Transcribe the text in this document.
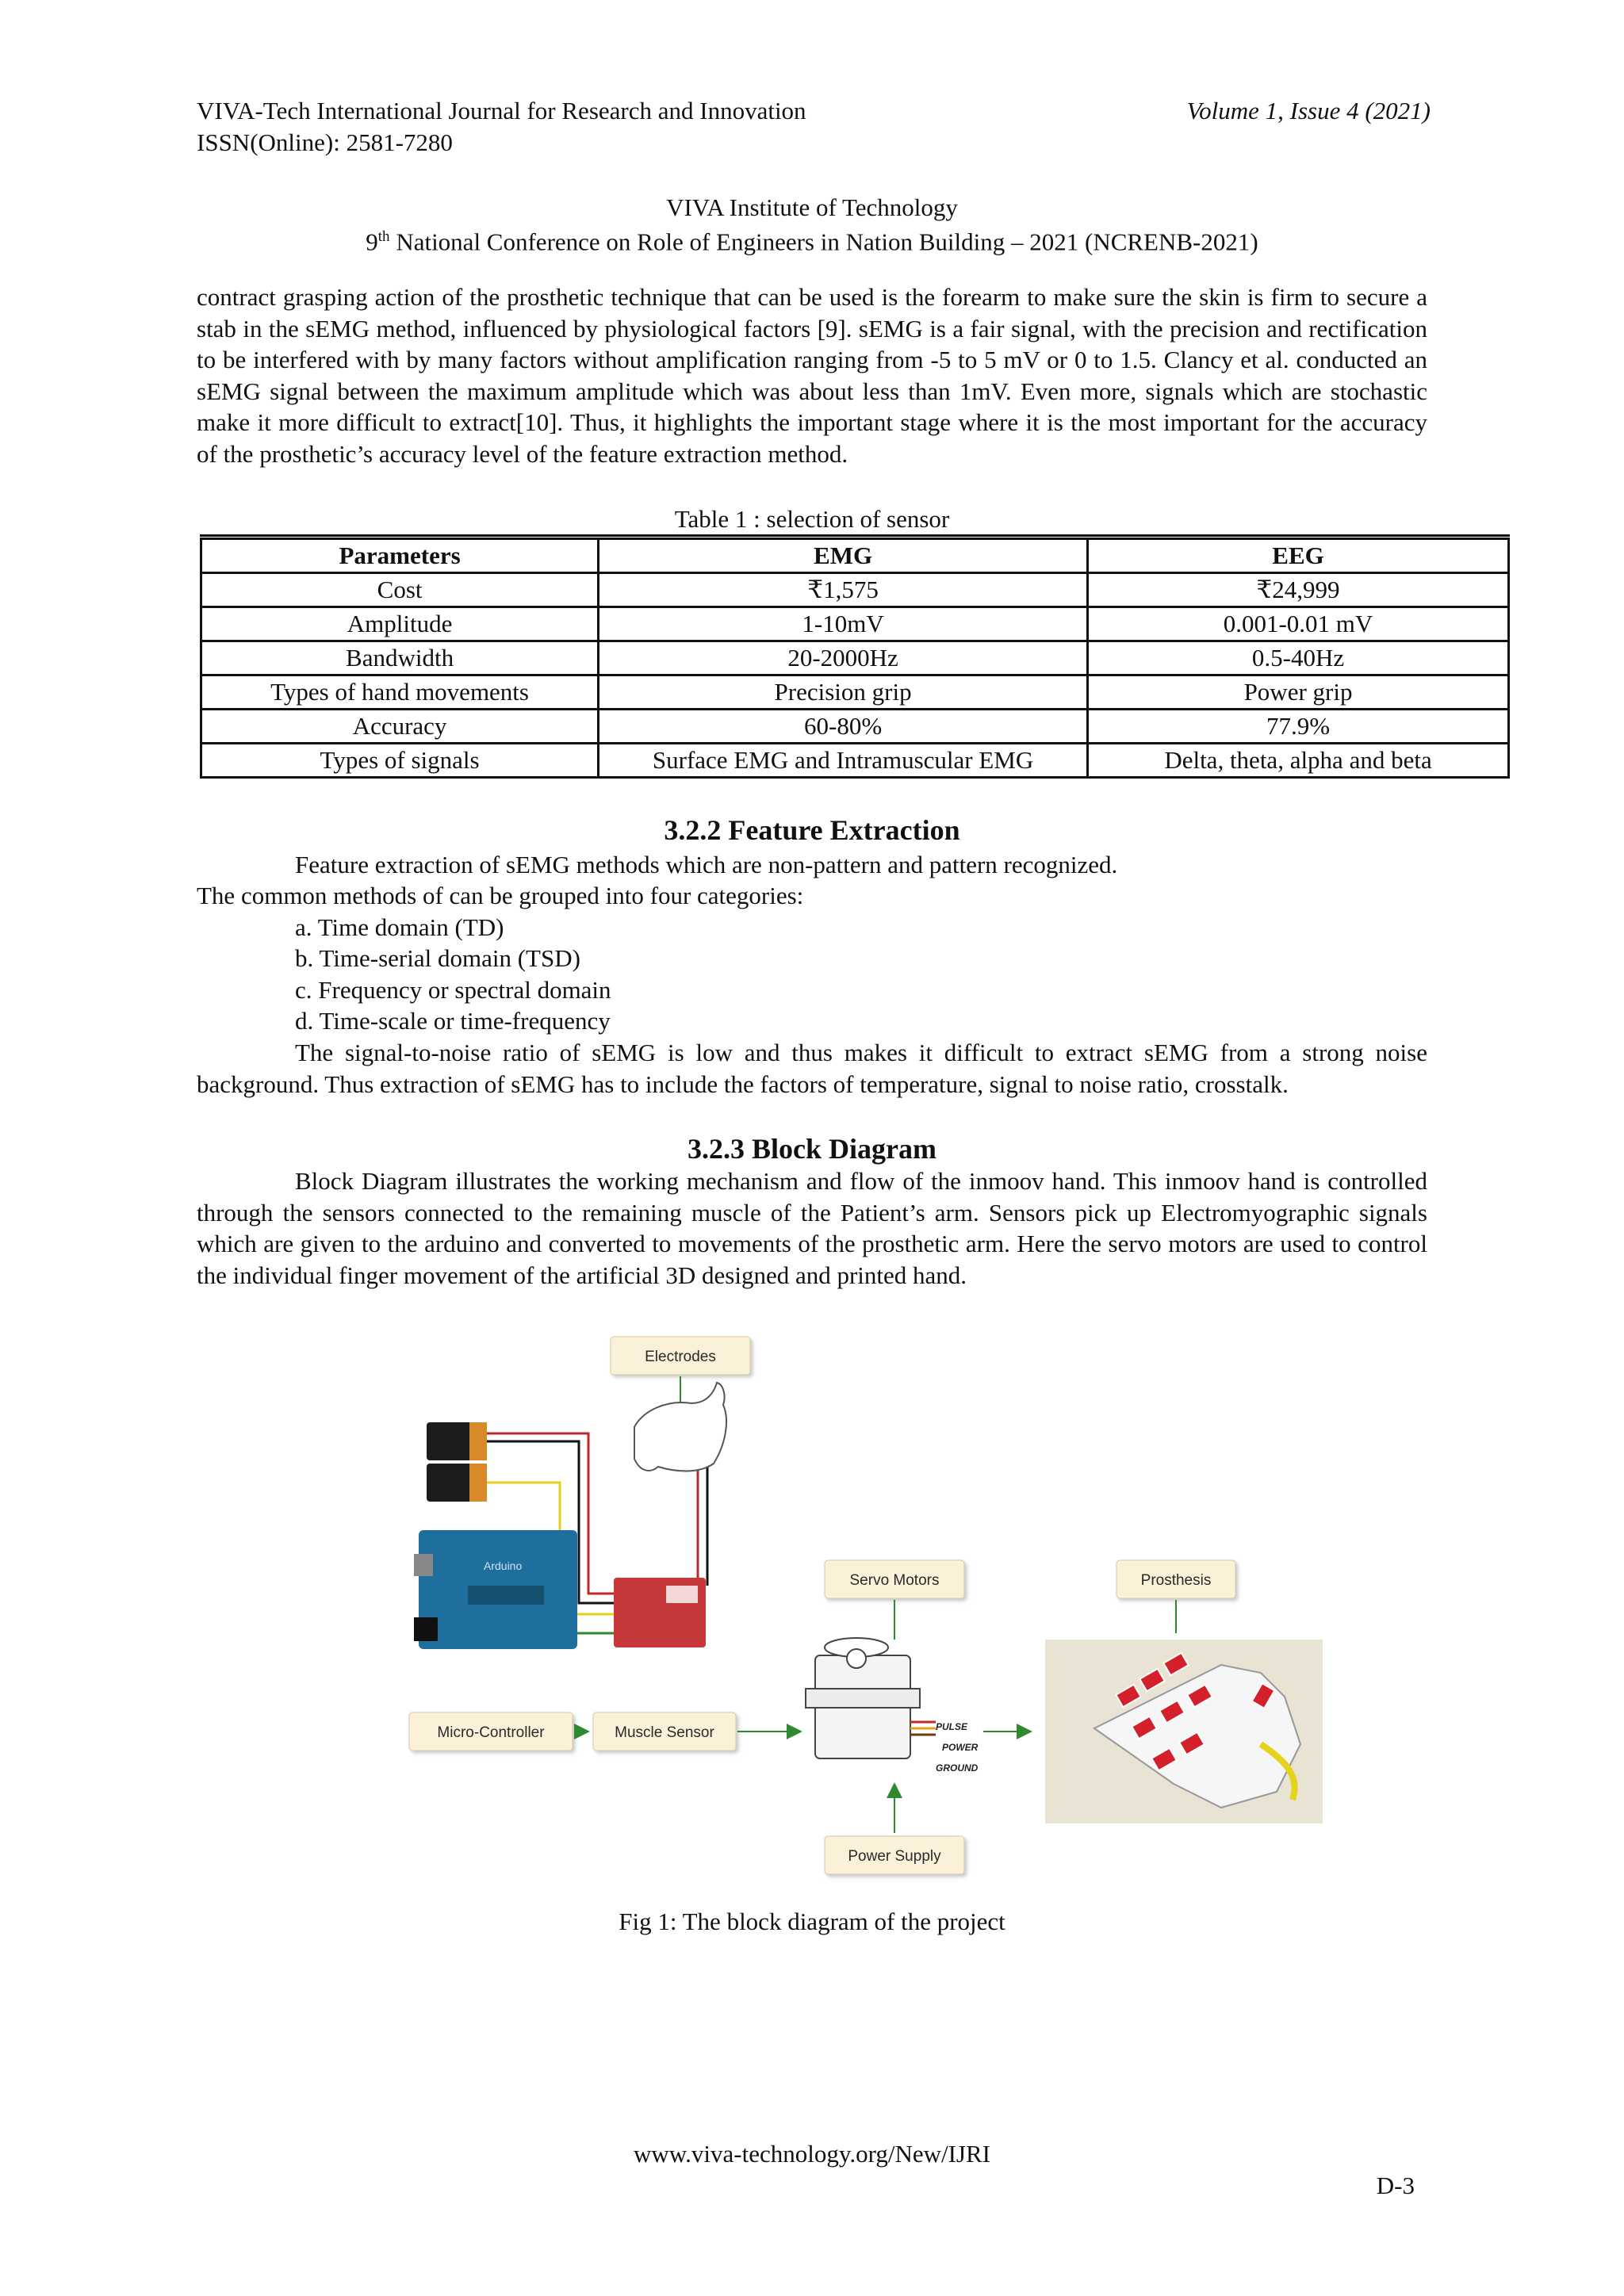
VIVA-Tech International Journal for Research and Innovation
ISSN(Online): 2581-7280
Volume 1, Issue 4 (2021)
VIVA Institute of Technology
9th National Conference on Role of Engineers in Nation Building – 2021 (NCRENB-2021)
contract grasping action of the prosthetic technique that can be used is the forearm to make sure the skin is firm to secure a stab in the sEMG method, influenced by physiological factors [9]. sEMG is a fair signal, with the precision and rectification to be interfered with by many factors without amplification ranging from -5 to 5 mV or 0 to 1.5. Clancy et al. conducted an sEMG signal between the maximum amplitude which was about less than 1mV. Even more, signals which are stochastic make it more difficult to extract[10]. Thus, it highlights the important stage where it is the most important for the accuracy of the prosthetic’s accuracy level of the feature extraction method.
Table 1 : selection of sensor
Parameters	EMG	EEG
Cost	₹1,575	₹24,999
Amplitude	1-10mV	0.001-0.01 mV
Bandwidth	20-2000Hz	0.5-40Hz
Types of hand movements	Precision grip	Power grip
Accuracy	60-80%	77.9%
Types of signals	Surface EMG and Intramuscular EMG	Delta, theta, alpha and beta
3.2.2 Feature Extraction
Feature extraction of sEMG methods which are non-pattern and pattern recognized.
The common methods of can be grouped into four categories:
a. Time domain (TD)
b. Time-serial domain (TSD)
c. Frequency or spectral domain
d. Time-scale or time-frequency
The signal-to-noise ratio of sEMG is low and thus makes it difficult to extract sEMG from a strong noise background. Thus extraction of sEMG has to include the factors of temperature, signal to noise ratio, crosstalk.
3.2.3 Block Diagram
Block Diagram illustrates the working mechanism and flow of the inmoov hand. This inmoov hand is controlled through the sensors connected to the remaining muscle of the Patient’s arm. Sensors pick up Electromyographic signals which are given to the arduino and converted to movements of the prosthetic arm. Here the servo motors are used to control the individual finger movement of the artificial 3D designed and printed hand.
Electrodes
Servo Motors	Prosthesis
Micro-Controller	Muscle Sensor
Power Supply
Arduino
PULSE
POWER
GROUND
Fig 1: The block diagram of the project
www.viva-technology.org/New/IJRI
D-3
